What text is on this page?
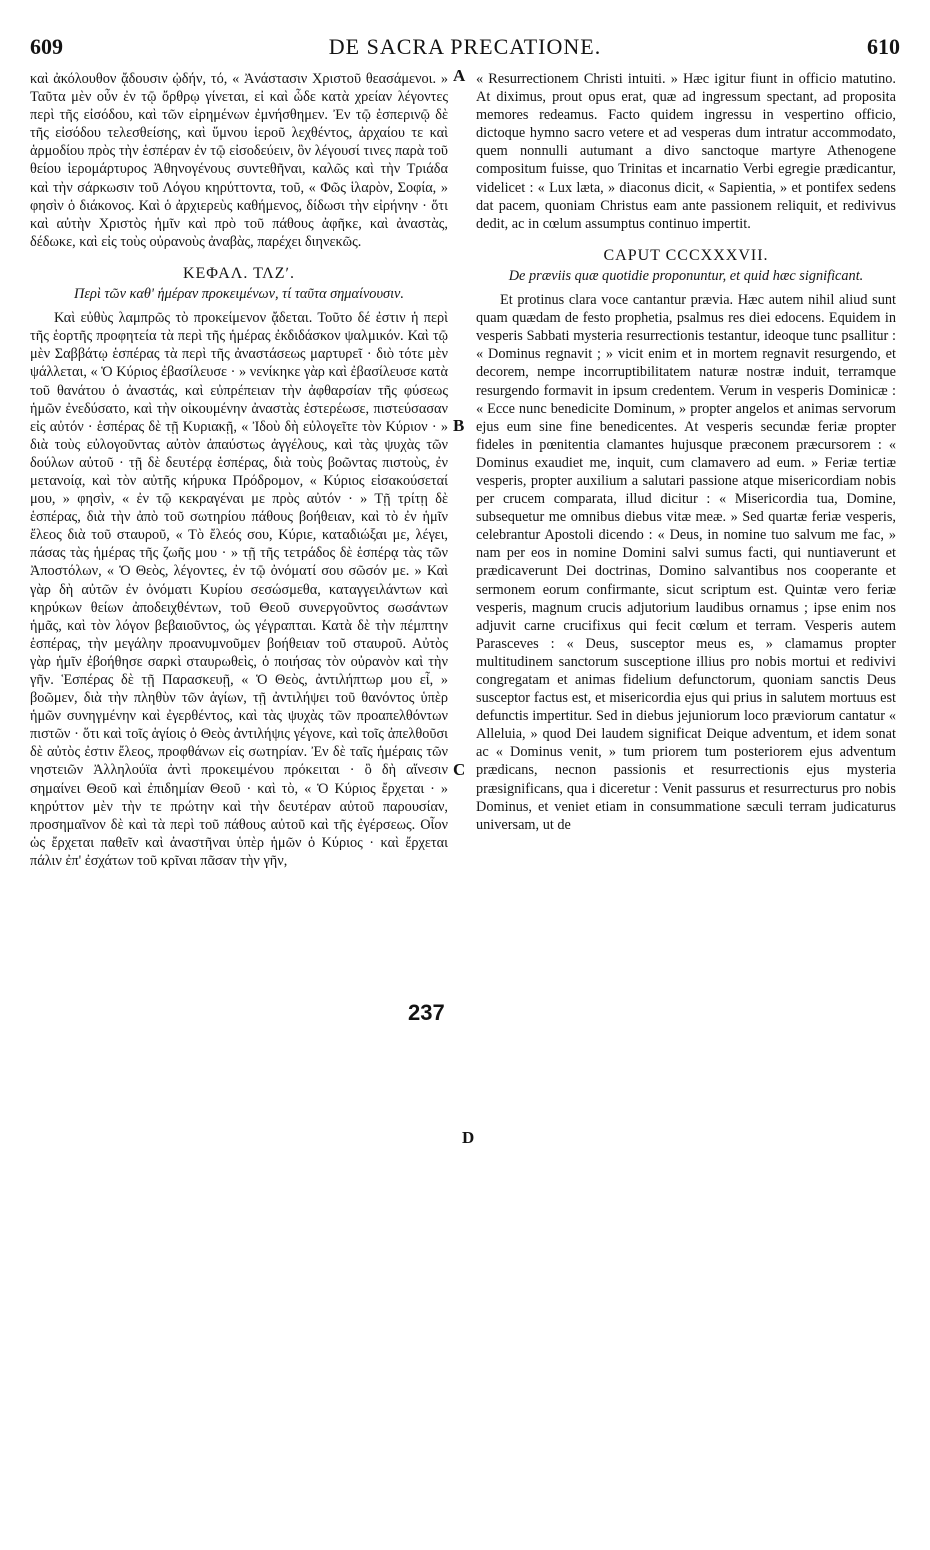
609	DE SACRA PRECATIONE.	610

καὶ ἀκόλουθον ᾄδουσιν ᾠδήν, τό, « Ἀνάστασιν Χριστοῦ θεασάμενοι. » Ταῦτα μὲν οὖν ἐν τῷ ὄρθρῳ γίνεται, εἰ καὶ ὧδε κατὰ χρείαν λέγοντες περὶ τῆς εἰσόδου, καὶ τῶν εἰρημένων ἐμνήσθημεν. Ἐν τῷ ἑσπερινῷ δὲ τῆς εἰσόδου τελεσθείσης, καὶ ὕμνου ἱεροῦ λεχθέντος, ἀρχαίου τε καὶ ἁρμοδίου πρὸς τὴν ἑσπέραν ἐν τῷ εἰσοδεύειν, ὃν λέγουσί τινες παρὰ τοῦ θείου ἱερομάρτυρος Ἀθηνογένους συντεθῆναι, καλῶς καὶ τὴν Τριάδα καὶ τὴν σάρκωσιν τοῦ Λόγου κηρύττοντα, τοῦ, « Φῶς ἱλαρὸν, Σοφία, » φησὶν ὁ διάκονος. Καὶ ὁ ἀρχιερεὺς καθήμενος, δίδωσι τὴν εἰρήνην · ὅτι καὶ αὐτὴν Χριστὸς ἡμῖν καὶ πρὸ τοῦ πάθους ἀφῆκε, καὶ ἀναστὰς, δέδωκε, καὶ εἰς τοὺς οὐρανοὺς ἀναβὰς, παρέχει διηνεκῶς.

ΚΕΦΑΛ. ΤΛΖʹ.
Περὶ τῶν καθ' ἡμέραν προκειμένων, τί ταῦτα σημαίνουσιν.

Καὶ εὐθὺς λαμπρῶς τὸ προκείμενον ᾄδεται. Τοῦτο δέ ἐστιν ἡ περὶ τῆς ἑορτῆς προφητεία τὰ περὶ τῆς ἡμέρας ἐκδιδάσκον ψαλμικόν. Καὶ τῷ μὲν Σαββάτῳ ἑσπέρας τὰ περὶ τῆς ἀναστάσεως μαρτυρεῖ · διὸ τότε μὲν ψάλλεται, « Ὁ Κύριος ἐβασίλευσε · » νενίκηκε γὰρ καὶ ἐβασίλευσε κατὰ τοῦ θανάτου ὁ ἀναστάς, καὶ εὐπρέπειαν τὴν ἀφθαρσίαν τῆς φύσεως ἡμῶν ἐνεδύσατο, καὶ τὴν οἰκουμένην ἀναστὰς ἐστερέωσε, πιστεύσασαν εἰς αὐτόν · ἑσπέρας δὲ τῇ Κυριακῇ, « Ἰδοὺ δὴ εὐλογεῖτε τὸν Κύριον · » διὰ τοὺς εὐλογοῦντας αὐτὸν ἀπαύστως ἀγγέλους, καὶ τὰς ψυχὰς τῶν δούλων αὐτοῦ · τῇ δὲ δευτέρᾳ ἑσπέρας, διὰ τοὺς βοῶντας πιστοὺς, ἐν μετανοίᾳ, καὶ τὸν αὐτῆς κήρυκα Πρόδρομον, « Κύριος εἰσακούσεταί μου, » φησὶν, « ἐν τῷ κεκραγέναι με πρὸς αὐτόν · » Τῇ τρίτῃ δὲ ἑσπέρας, διὰ τὴν ἀπὸ τοῦ σωτηρίου πάθους βοήθειαν, καὶ τὸ ἐν ἡμῖν ἔλεος διὰ τοῦ σταυροῦ, « Τὸ ἔλεός σου, Κύριε, καταδιώξαι με, λέγει, πάσας τὰς ἡμέρας τῆς ζωῆς μου · » τῇ τῆς τετράδος δὲ ἑσπέρᾳ τὰς τῶν Ἀποστόλων, « Ὁ Θεὸς, λέγοντες, ἐν τῷ ὀνόματί σου σῶσόν με. » Καὶ γὰρ δὴ αὐτῶν ἐν ὀνόματι Κυρίου σεσώσμεθα, καταγγειλάντων καὶ κηρύκων θείων ἀποδειχθέντων, τοῦ Θεοῦ συνεργοῦντος σωσάντων ἡμᾶς, καὶ τὸν λόγον βεβαιοῦντος, ὡς γέγραπται. Κατὰ δὲ τὴν πέμπτην ἑσπέρας, τὴν μεγάλην προανυμνοῦμεν βοήθειαν τοῦ σταυροῦ. Αὐτὸς γὰρ ἡμῖν ἐβοήθησε σαρκὶ σταυρωθεὶς, ὁ ποιήσας τὸν οὐρανὸν καὶ τὴν γῆν. Ἑσπέρας δὲ τῇ Παρασκευῇ, « Ὁ Θεὸς, ἀντιλήπτωρ μου εἶ, » βοῶμεν, διὰ τὴν πληθὺν τῶν ἁγίων, τῇ ἀντιλήψει τοῦ θανόντος ὑπὲρ ἡμῶν συνηγμένην καὶ ἐγερθέντος, καὶ τὰς ψυχὰς τῶν προαπελθόντων πιστῶν · ὅτι καὶ τοῖς ἁγίοις ὁ Θεὸς ἀντιλήψις γέγονε, καὶ τοῖς ἀπελθοῦσι δὲ αὐτὸς ἐστιν ἔλεος, προφθάνων εἰς σωτηρίαν. Ἐν δὲ ταῖς ἡμέραις τῶν νηστειῶν Ἀλληλούϊα ἀντὶ προκειμένου πρόκειται · ὃ δὴ αἴνεσιν σημαίνει Θεοῦ καὶ ἐπιδημίαν Θεοῦ · καὶ τὸ, « Ὁ Κύριος ἔρχεται · » κηρύττον μὲν τὴν τε πρώτην καὶ τὴν δευτέραν αὐτοῦ παρουσίαν, προσημαῖνον δὲ καὶ τὰ περὶ τοῦ πάθους αὐτοῦ καὶ τῆς ἐγέρσεως. Οἷον ὡς ἔρχεται παθεῖν καὶ ἀναστῆναι ὑπὲρ ἡμῶν ὁ Κύριος · καὶ ἔρχεται πάλιν ἐπ' ἐσχάτων τοῦ κρῖναι πᾶσαν τὴν γῆν,

« Resurrectionem Christi intuiti. » Hæc igitur fiunt in officio matutino. At diximus, prout opus erat, quæ ad ingressum spectant, ad proposita memores redeamus. Facto quidem ingressu in vespertino officio, dictoque hymno sacro vetere et ad vesperas dum intratur accommodato, quem nonnulli autumant a divo sanctoque martyre Athenogene compositum fuisse, quo Trinitas et incarnatio Verbi egregie prædicantur, videlicet : « Lux læta, » diaconus dicit, « Sapientia, » et pontifex sedens dat pacem, quoniam Christus eam ante passionem reliquit, et redivivus dedit, ac in cœlum assumptus continuo impertit.

CAPUT CCCXXXVII.
De præviis quæ quotidie proponuntur, et quid hæc significant.

Et protinus clara voce cantantur prævia. Hæc autem nihil aliud sunt quam quædam de festo prophetia, psalmus res diei edocens. Equidem in vesperis Sabbati mysteria resurrectionis testantur, ideoque tunc psallitur : « Dominus regnavit ; » vicit enim et in mortem regnavit resurgendo, et decorem, nempe incorruptibilitatem naturæ nostræ induit, terramque resurgendo formavit in ipsum credentem. Verum in vesperis Dominicæ : « Ecce nunc benedicite Dominum, » propter angelos et animas servorum ejus eum sine fine benedicentes. At vesperis secundæ feriæ propter fideles in pœnitentia clamantes hujusque præconem præcursorem : « Dominus exaudiet me, inquit, cum clamavero ad eum. » Feriæ tertiæ vesperis, propter auxilium a salutari passione atque misericordiam nobis per crucem comparata, illud dicitur : « Misericordia tua, Domine, subsequetur me omnibus diebus vitæ meæ. » Sed quartæ feriæ vesperis, celebrantur Apostoli dicendo : « Deus, in nomine tuo salvum me fac, » nam per eos in nomine Domini salvi sumus facti, qui nuntiaverunt et prædicaverunt Dei doctrinas, Domino salvantibus nos cooperante et sermonem eorum confirmante, sicut scriptum est. Quintæ vero feriæ vesperis, magnum crucis adjutorium laudibus ornamus ; ipse enim nos adjuvit carne crucifixus qui fecit cœlum et terram. Vesperis autem Parasceves : « Deus, susceptor meus es, » clamamus propter multitudinem sanctorum susceptione illius pro nobis mortui et redivivi congregatam et animas fidelium defunctorum, quoniam sanctis Deus susceptor factus est, et misericordia ejus qui prius in salutem mortuus est defunctis impertitur. Sed in diebus jejuniorum loco præviorum cantatur « Alleluia, » quod Dei laudem significat Deique adventum, et idem sonat ac « Dominus venit, » tum priorem tum posteriorem ejus adventum prædicans, necnon passionis et resurrectionis ejus mysteria præsignificans, qua i diceretur : Venit passurus et resurrecturus pro nobis Dominus, et veniet etiam in consummatione sæculi terram judicaturus universam, ut de

A
B
C
D
237
